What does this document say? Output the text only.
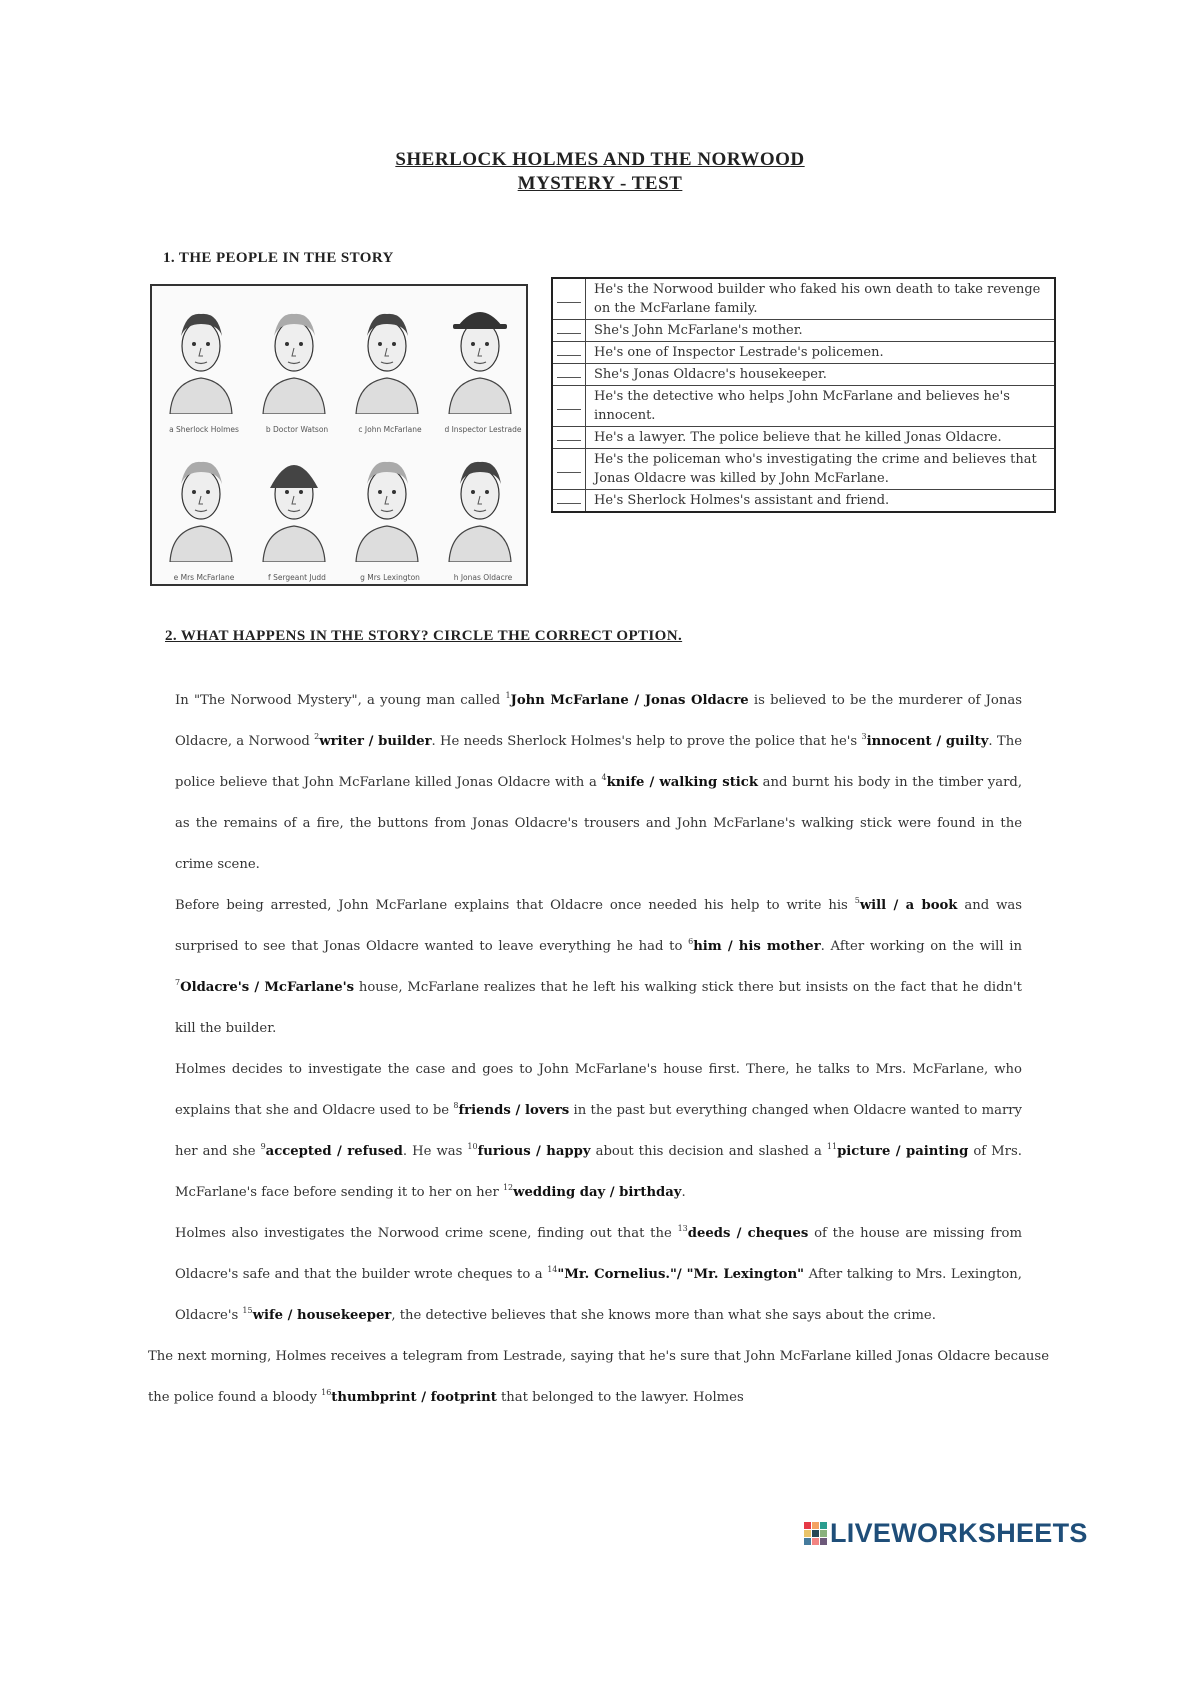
SHERLOCK HOLMES AND THE NORWOOD
MYSTERY - TEST
1. THE PEOPLE IN THE STORY
a Sherlock Holmes	b Doctor Watson	c John McFarlane	d Inspector Lestrade
e Mrs McFarlane	f Sergeant Judd	g Mrs Lexington	h Jonas Oldacre
	He's the Norwood builder who faked his own death to take revenge on the McFarlane family.
	She's John McFarlane's mother.
	He's one of Inspector Lestrade's policemen.
	She's Jonas Oldacre's housekeeper.
	He's the detective who helps John McFarlane and believes he's innocent.
	He's a lawyer. The police believe that he killed Jonas Oldacre.
	He's the policeman who's investigating the crime and believes that Jonas Oldacre was killed by John McFarlane.
	He's Sherlock Holmes's assistant and friend.
2. WHAT HAPPENS IN THE STORY? CIRCLE THE CORRECT OPTION.

In "The Norwood Mystery", a young man called $^1$John McFarlane / Jonas Oldacre is believed to be the murderer of Jonas Oldacre, a Norwood $^2$writer / builder. He needs Sherlock Holmes's help to prove the police that he's $^3$innocent / guilty. The police believe that John McFarlane killed Jonas Oldacre with a $^4$knife / walking stick and burnt his body in the timber yard, as the remains of a fire, the buttons from Jonas Oldacre's trousers and John McFarlane's walking stick were found in the crime scene.

Before being arrested, John McFarlane explains that Oldacre once needed his help to write his $^5$will / a book and was surprised to see that Jonas Oldacre wanted to leave everything he had to $^6$him / his mother. After working on the will in $^7$Oldacre's / McFarlane's house, McFarlane realizes that he left his walking stick there but insists on the fact that he didn't kill the builder.

Holmes decides to investigate the case and goes to John McFarlane's house first. There, he talks to Mrs. McFarlane, who explains that she and Oldacre used to be $^8$friends / lovers in the past but everything changed when Oldacre wanted to marry her and she $^9$accepted / refused. He was $^{10}$furious / happy about this decision and slashed a $^{11}$picture / painting of Mrs. McFarlane's face before sending it to her on her $^{12}$wedding day / birthday.

Holmes also investigates the Norwood crime scene, finding out that the $^{13}$deeds / cheques of the house are missing from Oldacre's safe and that the builder wrote cheques to a $^{14}$"Mr. Cornelius."/ "Mr. Lexington" After talking to Mrs. Lexington, Oldacre's $^{15}$wife / housekeeper, the detective believes that she knows more than what she says about the crime.

The next morning, Holmes receives a telegram from Lestrade, saying that he's sure that John McFarlane killed Jonas Oldacre because the police found a bloody $^{16}$thumbprint / footprint that belonged to the lawyer. Holmes

LIVEWORKSHEETS
